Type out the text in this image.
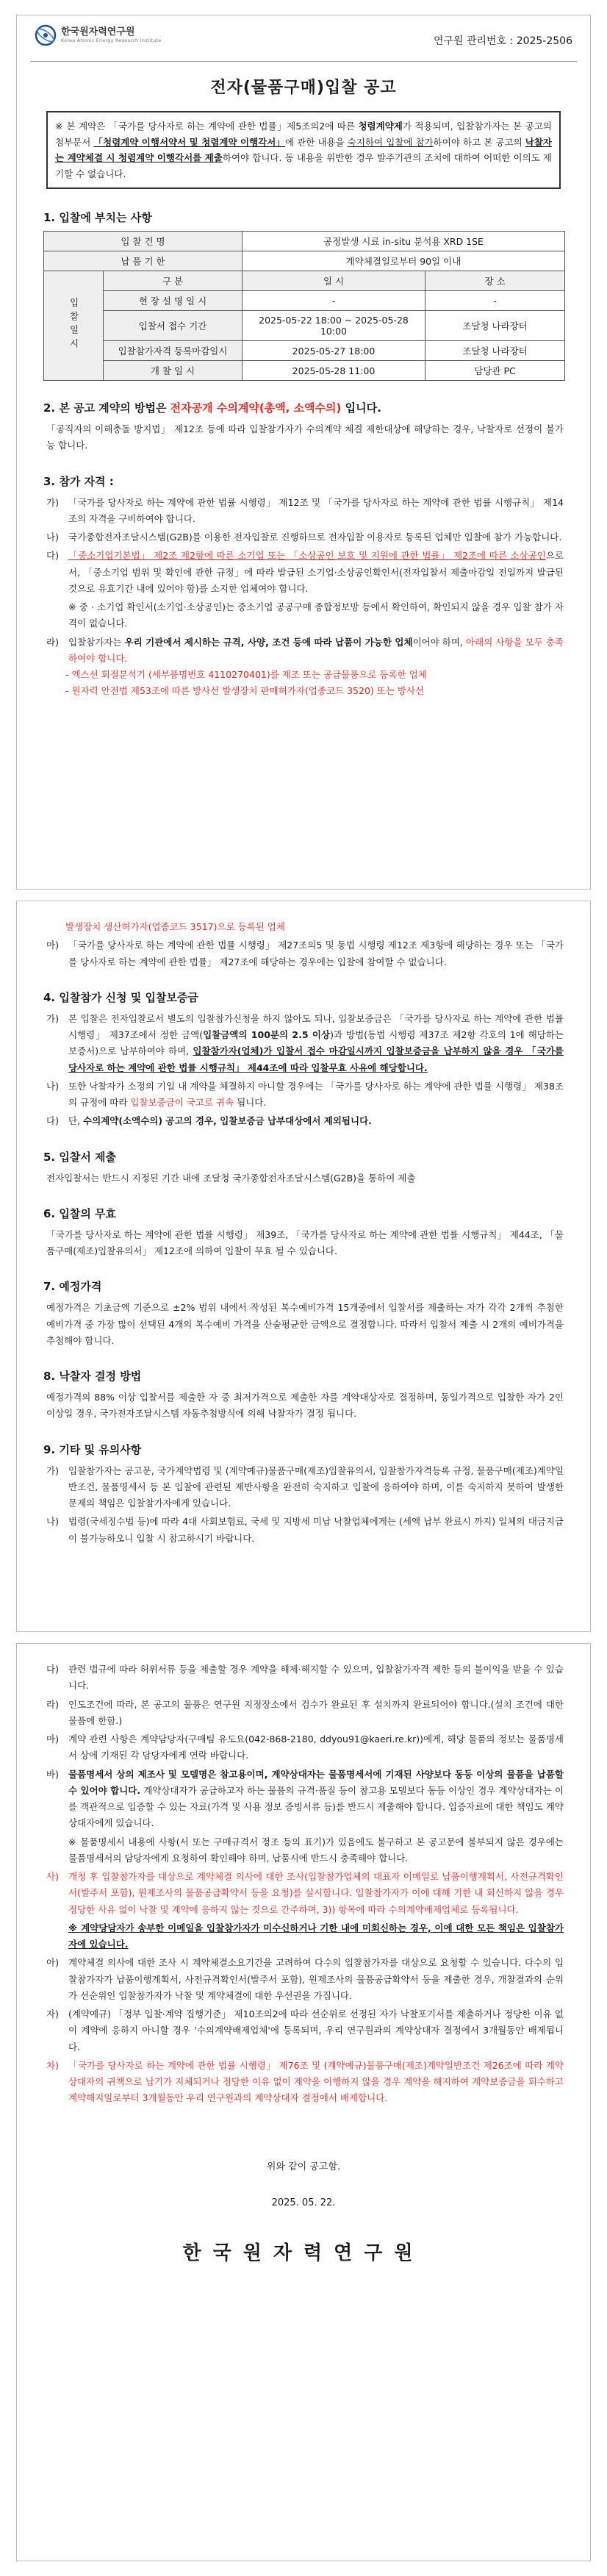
한국원자력연구원
Korea Atomic Energy Research Institute	연구원 관리번호 : 2025-2506
전자(물품구매)입찰 공고
※ 본 계약은 「국가를 당사자로 하는 계약에 관한 법률」제5조의2에 따른 청렴계약제가 적용되며, 입찰참가자는 본 공고의 첨부문서 「청렴계약 이행서약서 및 청렴계약 이행각서」에 관한 내용을 숙지하여 입찰에 참가하여야 하고 본 공고의 낙찰자는 계약체결 시 청렴계약 이행각서를 제출하여야 합니다. 동 내용을 위반한 경우 발주기관의 조치에 대하여 어떠한 이의도 제기할 수 없습니다.
1. 입찰에 부치는 사항
입 찰 건 명		공정발생 시료 in-situ 분석용 XRD 1SE	
납 품 기 한		계약체결일로부터 90일 이내	
입찰일시	구 분	일 시	장 소
	현 장 설 명 일 시	-	-
	입찰서 접수 기간	2025-05-22 18:00 ~ 2025-05-28 10:00	조달청 나라장터
	입찰참가자격 등록마감일시	2025-05-27 18:00	조달청 나라장터
	개 찰 일 시	2025-05-28 11:00	담당관 PC
2. 본 공고 계약의 방법은 전자공개 수의계약(총액, 소액수의) 입니다.
「공직자의 이해충돌 방지법」 제12조 등에 따라 입찰참가자가 수의계약 체결 제한대상에 해당하는 경우, 낙찰자로 선정이 불가능 합니다.
3. 참가 자격 :
가)	「국가를 당사자로 하는 계약에 관한 법률 시행령」 제12조 및 「국가를 당사자로 하는 계약에 관한 법률 시행규칙」 제14조의 자격을 구비하여야 합니다.
나)	국가종합전자조달시스템(G2B)를 이용한 전자입찰로 진행하므로 전자입찰 이용자로 등록된 업체만 입찰에 참가 가능합니다.
다)	「중소기업기본법」 제2조 제2항에 따른 소기업 또는 「소상공인 보호 및 지원에 관한 법률」 제2조에 따른 소상공인으로서, 「중소기업 범위 및 확인에 관한 규정」에 따라 발급된 소기업·소상공인확인서(전자입찰서 제출마감일 전일까지 발급된 것으로 유효기간 내에 있어야 함)를 소지한 업체여야 합니다.
※ 중 · 소기업 확인서(소기업·소상공인)는 중소기업 공공구매 종합정보망 등에서 확인하여, 확인되지 않을 경우 입찰 참가 자격이 없습니다.
라)	입찰참가자는 우리 기관에서 제시하는 규격, 사양, 조건 등에 따라 납품이 가능한 업체이어야 하며, 아래의 사항을 모두 충족하여야 합니다.
- 엑스선 회절분석기 (세부품명번호 4110270401)를 제조 또는 공급물품으로 등록한 업체
- 원자력 안전법 제53조에 따른 방사선 발생장치 판매허가자(업종코드 3520) 또는 방사선
발생장치 생산허가자(업종코드 3517)으로 등록된 업체
마)	「국가를 당사자로 하는 계약에 관한 법률 시행령」 제27조의5 및 동법 시행령 제12조 제3항에 해당하는 경우 또는 「국가를 당사자로 하는 계약에 관한 법률」 제27조에 해당하는 경우에는 입찰에 참여할 수 없습니다.
4. 입찰참가 신청 및 입찰보증금
가)	본 입찰은 전자입찰로서 별도의 입찰참가신청을 하지 않아도 되나, 입찰보증금은 「국가를 당사자로 하는 계약에 관한 법률 시행령」 제37조에서 정한 금액(입찰금액의 100분의 2.5 이상)과 방법(동법 시행령 제37조 제2항 각호의 1에 해당하는 보증서)으로 납부하여야 하며, 입찰참가자(업체)가 입찰서 접수 마감일시까지 입찰보증금을 납부하지 않을 경우 「국가를 당사자로 하는 계약에 관한 법률 시행규칙」 제44조에 따라 입찰무효 사유에 해당합니다.
나)	또한 낙찰자가 소정의 기일 내 계약을 체결하지 아니할 경우에는 「국가를 당사자로 하는 계약에 관한 법률 시행령」 제38조의 규정에 따라 입찰보증금이 국고로 귀속 됩니다.
다)	단, 수의계약(소액수의) 공고의 경우, 입찰보증금 납부대상에서 제외됩니다.
5. 입찰서 제출
전자입찰서는 반드시 지정된 기간 내에 조달청 국가종합전자조달시스템(G2B)을 통하여 제출
6. 입찰의 무효
「국가를 당사자로 하는 계약에 관한 법률 시행령」 제39조, 「국가를 당사자로 하는 계약에 관한 법률 시행규칙」 제44조, 「물품구매(제조)입찰유의서」 제12조에 의하여 입찰이 무효 될 수 있습니다.
7. 예정가격
예정가격은 기초금액 기준으로 ±2% 범위 내에서 작성된 복수예비가격 15개중에서 입찰서를 제출하는 자가 각각 2개씩 추첨한 예비가격 중 가장 많이 선택된 4개의 복수예비 가격을 산술평균한 금액으로 결정합니다. 따라서 입찰서 제출 시 2개의 예비가격을 추첨해야 합니다.
8. 낙찰자 결정 방법
예정가격의 88% 이상 입찰서를 제출한 자 중 최저가격으로 제출한 자를 계약대상자로 결정하며, 동일가격으로 입찰한 자가 2인 이상일 경우, 국가전자조달시스템 자동추첨방식에 의해 낙찰자가 결정 됩니다.
9. 기타 및 유의사항
가)	입찰참가자는 공고문, 국가계약법령 및 (계약예규)물품구매(제조)입찰유의서, 입찰참가자격등록 규정, 물품구매(제조)계약일반조건, 물품명세서 등 본 입찰에 관련된 제반사항을 완전히 숙지하고 입찰에 응하여야 하며, 이를 숙지하지 못하여 발생한 문제의 책임은 입찰참가자에게 있습니다.
나)	법령(국세징수법 등)에 따라 4대 사회보험료, 국세 및 지방세 미납 낙찰업체에게는 (세액 납부 완료시 까지) 일체의 대금지급이 불가능하오니 입찰 시 참고하시기 바랍니다.
다)	관련 법규에 따라 허위서류 등을 제출할 경우 계약을 해제·해지할 수 있으며, 입찰참가자격 제한 등의 불이익을 받을 수 있습니다.
라)	인도조건에 따라, 본 공고의 물품은 연구원 지정장소에서 검수가 완료된 후 설치까지 완료되어야 합니다.(설치 조건에 대한 물품에 한함.)
마)	계약 관련 사항은 계약담당자(구매팀 유도요(042-868-2180, ddyou91@kaeri.re.kr))에게, 해당 물품의 정보는 물품명세서 상에 기재된 각 담당자에게 연락 바랍니다.
바)	물품명세서 상의 제조사 및 모델명은 참고용이며, 계약상대자는 물품명세서에 기재된 사양보다 동등 이상의 물품을 납품할 수 있어야 합니다. 계약상대자가 공급하고자 하는 물품의 규격·품질 등이 참고용 모델보다 동등 이상인 경우 계약상대자는 이를 객관적으로 입증할 수 있는 자료(가격 및 사용 정보 증빙서류 등)를 반드시 제출해야 합니다. 입증자료에 대한 책임도 계약상대자에게 있습니다.
※ 물품명세서 내용에 사항(서 또는 구매규격서 정조 등의 표기)가 있음에도 불구하고 본 공고문에 불부되지 않은 경우에는 물품명세서의 담당자에게 요청하여 확인해야 하며, 납품시에 반드시 충족해야 합니다.
사)	개청 후 입찰참가자를 대상으로 계약체결 의사에 대한 조사(입찰참가업체의 대표자 이메일로 납품이행계획서, 사전규격확인서(발주서 포함), 원제조사의 물품공급확약서 등을 요청)를 실시합니다. 입찰참가자가 이에 대해 기한 내 회신하지 않을 경우 정당한 사유 없이 낙찰 및 계약에 응하지 않는 것으로 간주하며, 3)) 항목에 따라 수의계약배제업체로 등록됩니다.
※ 계약당담자가 송부한 이메일을 입찰참가자가 미수신하거나 기한 내에 미회신하는 경우, 이에 대한 모든 책임은 입찰참가자에 있습니다.
아)	계약체결 의사에 대한 조사 시 계약체결소요기간을 고려하여 다수의 입찰참가자를 대상으로 요청할 수 있습니다. 다수의 입찰참가자가 납품이행계획서, 사전규격확인서(발주서 포함), 원제조사의 물품공급확약서 등을 제출한 경우, 개찰결과의 순위가 선순위인 입찰참가자가 낙찰 및 계약체결에 대한 우선권을 가집니다.
자)	(계약예규) 「정부 입찰·계약 집행기준」 제10조의2에 따라 선순위로 선정된 자가 낙찰포기서를 제출하거나 정당한 이유 없이 계약에 응하지 아니할 경우 '수의계약배제업체'에 등록되며, 우리 연구원과의 계약상대자 결정에서 3개월동안 배제됩니다.
차)	「국가를 당사자로 하는 계약에 관한 법률 시행령」 제76조 및 (계약예규)물품구매(제조)계약일반조건 제26조에 따라 계약상대자의 귀책으로 납기가 지체되거나 정당한 이유 없이 계약을 이행하지 않을 경우 계약을 해지하여 계약보증금을 회수하고 계약해지일로부터 3개월동안 우리 연구원과의 계약상대자 결정에서 배제합니다.
위와 같이 공고함.
2025. 05. 22.
한국원자력연구원
